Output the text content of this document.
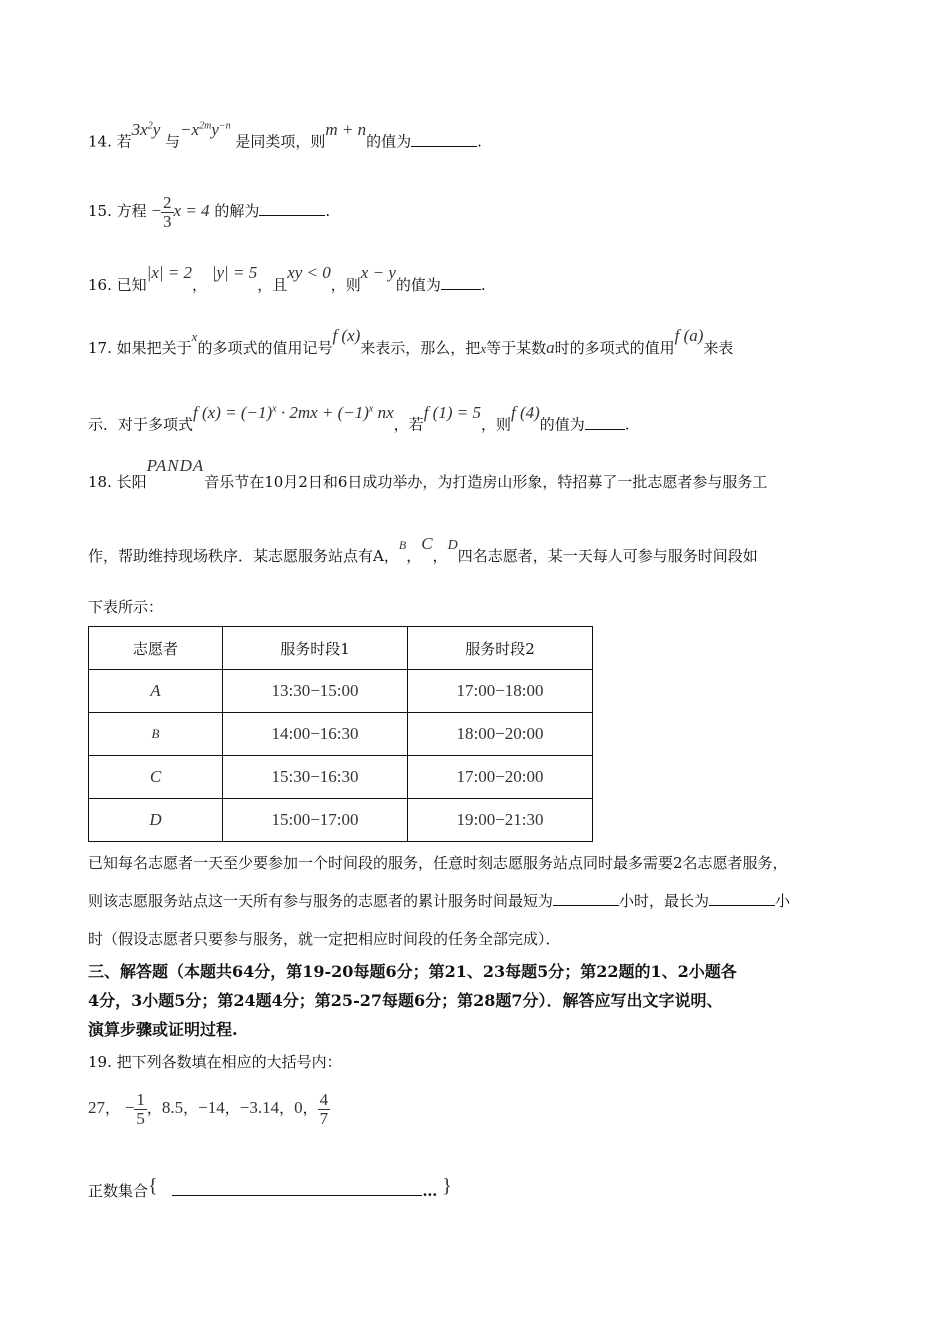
14. 若$3x^2y$ 与$-x^{2m}y^{-n}$ 是同类项，则m + n的值为	.
15. 方程 − $\frac{2}{3}$ x = 4 的解为	.
16. 已知|x| = 2， |y| = 5，且xy < 0，则x − y的值为	.
17. 如果把关于x的多项式的值用记号f (x)来表示，那么，把x等于某数a时的多项式的值用f (a)来表
示．对于多项式f $(x) = (-1)^x \cdot 2mx + (-1)^x$ nx，若f (1) = 5，则f (4)的值为	.
18. 长阳PANDA音乐节在10月2日和6日成功举办，为打造房山形象，特招募了一批志愿者参与服务工
作，帮助维持现场秩序．某志愿服务站点有A，$^B$，C，D四名志愿者，某一天每人可参与服务时间段如
下表所示：
志愿者	服务时段1	服务时段2
A	13:30−15:00	17:00−18:00
B	14:00−16:30	18:00−20:00
C	15:30−16:30	17:00−20:00
D	15:00−17:00	19:00−21:30
已知每名志愿者一天至少要参加一个时间段的服务，任意时刻志愿服务站点同时最多需要2名志愿者服务，
则该志愿服务站点这一天所有参与服务的志愿者的累计服务时间最短为	小时，最长为	小
时（假设志愿者只要参与服务，就一定把相应时间段的任务全部完成）．
三、解答题（本题共64分，第19-20每题6分；第21、23每题5分；第22题的1、2小题各
4分，3小题5分；第24题4分；第25-27每题6分；第28题7分）．解答应写出文字说明、
演算步骤或证明过程.
19. 把下列各数填在相应的大括号内：
27， − $\frac{1}{5}$ ，8.5，−14，−3.14，0， $\frac{4}{7}$
正数集合{	… }
